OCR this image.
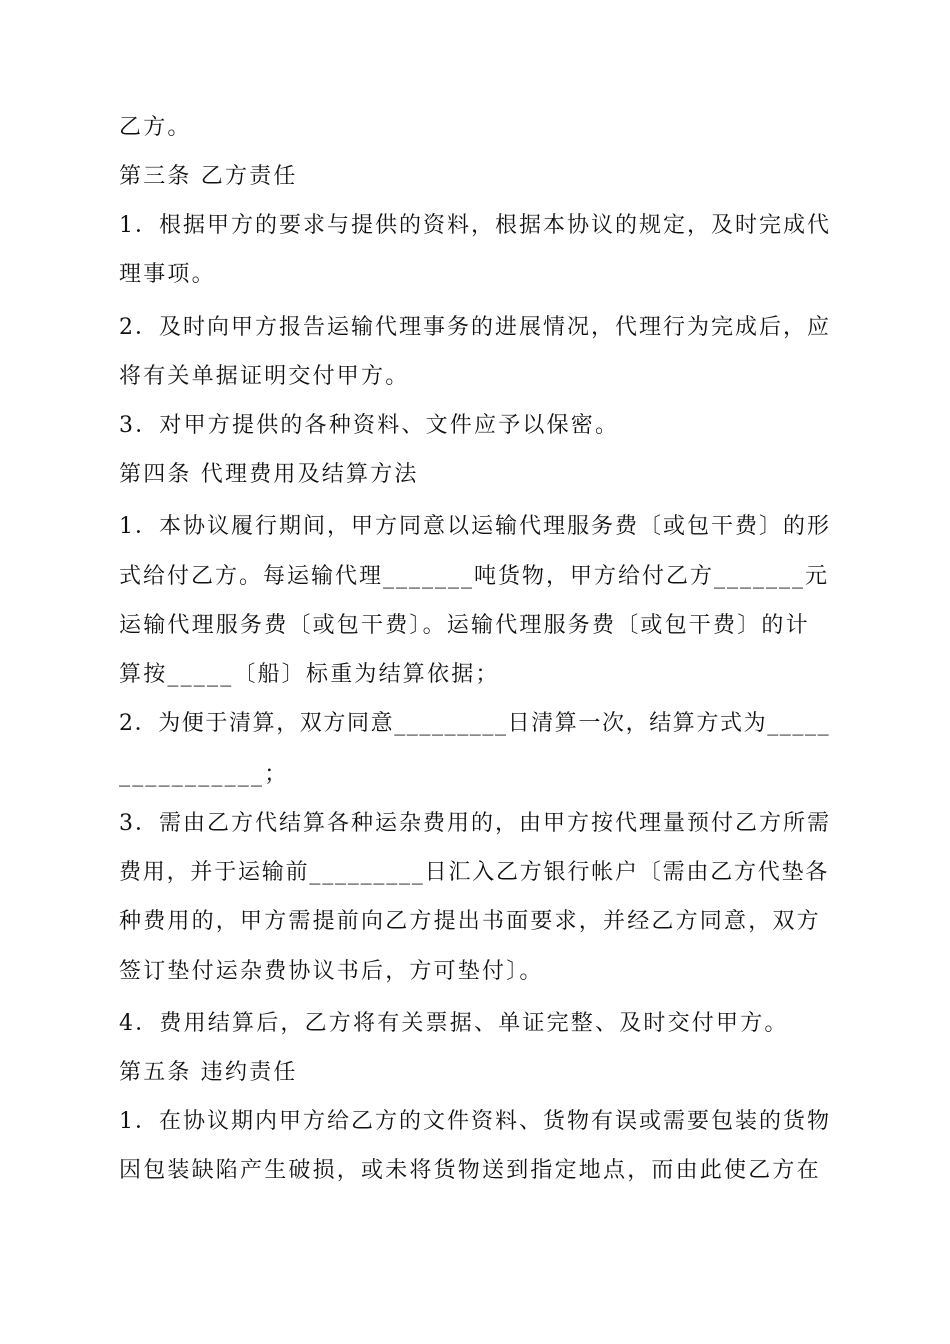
乙方。
第三条 乙方责任
1．根据甲方的要求与提供的资料，根据本协议的规定，及时完成代
理事项。
2．及时向甲方报告运输代理事务的进展情况，代理行为完成后，应
将有关单据证明交付甲方。
3．对甲方提供的各种资料、文件应予以保密。
第四条 代理费用及结算方法
1．本协议履行期间，甲方同意以运输代理服务费〔或包干费〕的形
式给付乙方。每运输代理_______吨货物，甲方给付乙方_______元
运输代理服务费〔或包干费〕。运输代理服务费〔或包干费〕的计
算按_____〔船〕标重为结算依据；
2．为便于清算，双方同意_________日清算一次，结算方式为_____
___________；
3．需由乙方代结算各种运杂费用的，由甲方按代理量预付乙方所需
费用，并于运输前_________日汇入乙方银行帐户〔需由乙方代垫各
种费用的，甲方需提前向乙方提出书面要求，并经乙方同意，双方
签订垫付运杂费协议书后，方可垫付〕。
4．费用结算后，乙方将有关票据、单证完整、及时交付甲方。
第五条 违约责任
1．在协议期内甲方给乙方的文件资料、货物有误或需要包装的货物
因包装缺陷产生破损，或未将货物送到指定地点，而由此使乙方在
